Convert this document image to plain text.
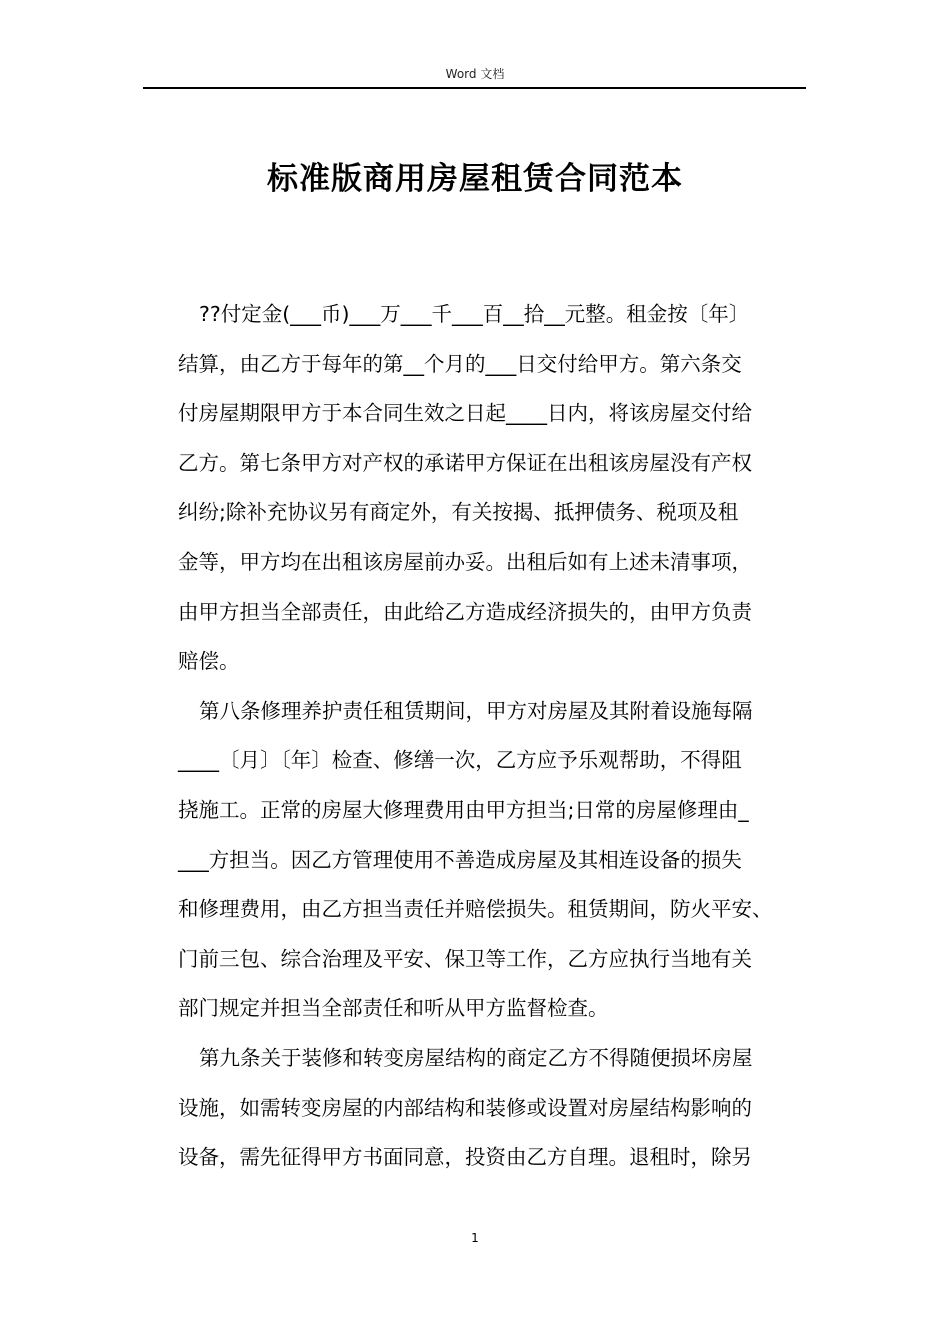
Word 文档
标准版商用房屋租赁合同范本
??付定金(___币)___万___千___百__拾__元整。租金按〔年〕
结算，由乙方于每年的第__个月的___日交付给甲方。第六条交
付房屋期限甲方于本合同生效之日起____日内，将该房屋交付给
乙方。第七条甲方对产权的承诺甲方保证在出租该房屋没有产权
纠纷;除补充协议另有商定外，有关按揭、抵押债务、税项及租
金等，甲方均在出租该房屋前办妥。出租后如有上述未清事项，
由甲方担当全部责任，由此给乙方造成经济损失的，由甲方负责
赔偿。
第八条修理养护责任租赁期间，甲方对房屋及其附着设施每隔
____〔月〕〔年〕检查、修缮一次，乙方应予乐观帮助，不得阻
挠施工。正常的房屋大修理费用由甲方担当;日常的房屋修理由_
___方担当。因乙方管理使用不善造成房屋及其相连设备的损失
和修理费用，由乙方担当责任并赔偿损失。租赁期间，防火平安、
门前三包、综合治理及平安、保卫等工作，乙方应执行当地有关
部门规定并担当全部责任和听从甲方监督检查。
第九条关于装修和转变房屋结构的商定乙方不得随便损坏房屋
设施，如需转变房屋的内部结构和装修或设置对房屋结构影响的
设备，需先征得甲方书面同意，投资由乙方自理。退租时，除另
1
